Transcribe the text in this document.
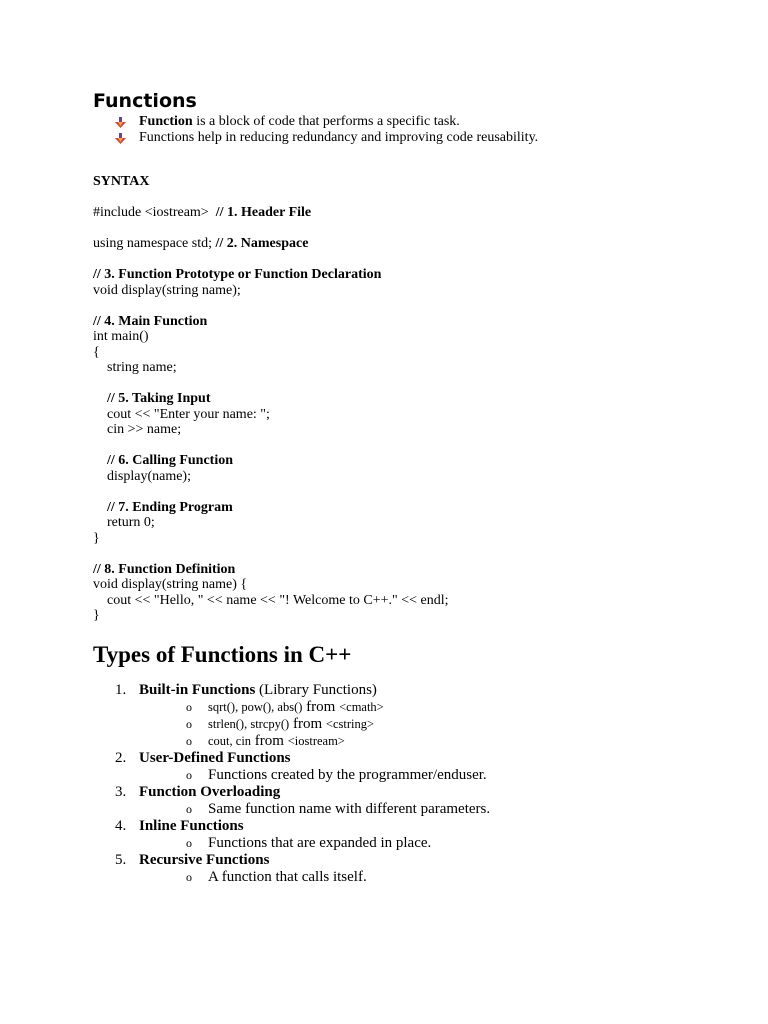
Functions
Function is a block of code that performs a specific task.
Functions help in reducing redundancy and improving code reusability.
SYNTAX
#include <iostream>  // 1. Header File
using namespace std; // 2. Namespace
// 3. Function Prototype or Function Declaration
void display(string name);
// 4. Main Function
int main()
{
string name;
// 5. Taking Input
cout << "Enter your name: ";
cin >> name;
// 6. Calling Function
display(name);
// 7. Ending Program
return 0;
}
// 8. Function Definition
void display(string name) {
cout << "Hello, " << name << "! Welcome to C++." << endl;
}
Types of Functions in C++
1. Built-in Functions (Library Functions)
o sqrt(), pow(), abs() from <cmath>
o strlen(), strcpy() from <cstring>
o cout, cin from <iostream>
2. User-Defined Functions
o Functions created by the programmer/enduser.
3. Function Overloading
o Same function name with different parameters.
4. Inline Functions
o Functions that are expanded in place.
5. Recursive Functions
o A function that calls itself.
